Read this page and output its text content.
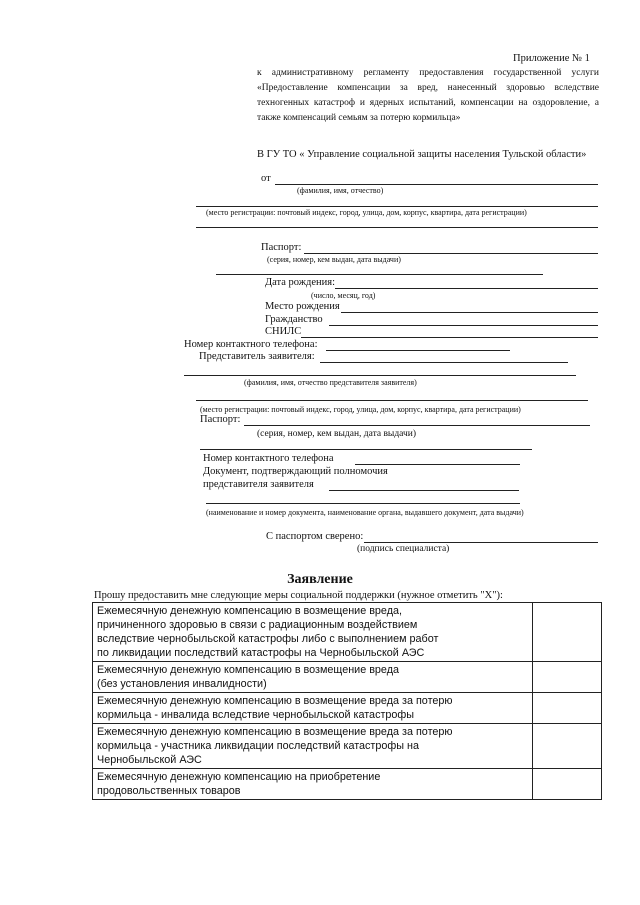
Приложение № 1
к административному регламенту предоставления государственной услуги «Предоставление компенсации за вред, нанесенный здоровью вследствие техногенных катастроф и ядерных испытаний, компенсации на оздоровление, а также компенсаций семьям за потерю кормильца»
В ГУ ТО « Управление социальной защиты населения Тульской области»
от
(фамилия, имя, отчество)
(место регистрации: почтовый индекс, город, улица, дом, корпус, квартира, дата регистрации)
Паспорт:
(серия, номер, кем выдан, дата выдачи)
Дата рождения:
(число, месяц, год)
Место рождения
Гражданство
СНИЛС
Номер контактного телефона:
Представитель заявителя:
(фамилия, имя, отчество представителя заявителя)
(место регистрации: почтовый индекс, город, улица, дом, корпус, квартира, дата регистрации)
Паспорт:
(серия, номер, кем выдан, дата выдачи)
Номер контактного телефона
Документ, подтверждающий полномочия
представителя заявителя
(наименование и номер документа, наименование органа, выдавшего документ, дата выдачи)
С паспортом сверено:
(подпись специалиста)
Заявление
Прошу предоставить мне следующие меры социальной поддержки (нужное отметить "Х"):
Ежемесячную денежную компенсацию в возмещение вреда,
причиненного здоровью в связи с радиационным воздействием
вследствие чернобыльской катастрофы либо с выполнением работ
по ликвидации последствий катастрофы на Чернобыльской АЭС	

Ежемесячную денежную компенсацию в возмещение вреда
(без установления инвалидности)	

Ежемесячную денежную компенсацию в возмещение вреда за потерю
кормильца - инвалида вследствие чернобыльской катастрофы	

Ежемесячную денежную компенсацию в возмещение вреда за потерю
кормильца - участника ликвидации последствий катастрофы на
Чернобыльской АЭС	

Ежемесячную денежную компенсацию на приобретение
продовольственных товаров	
